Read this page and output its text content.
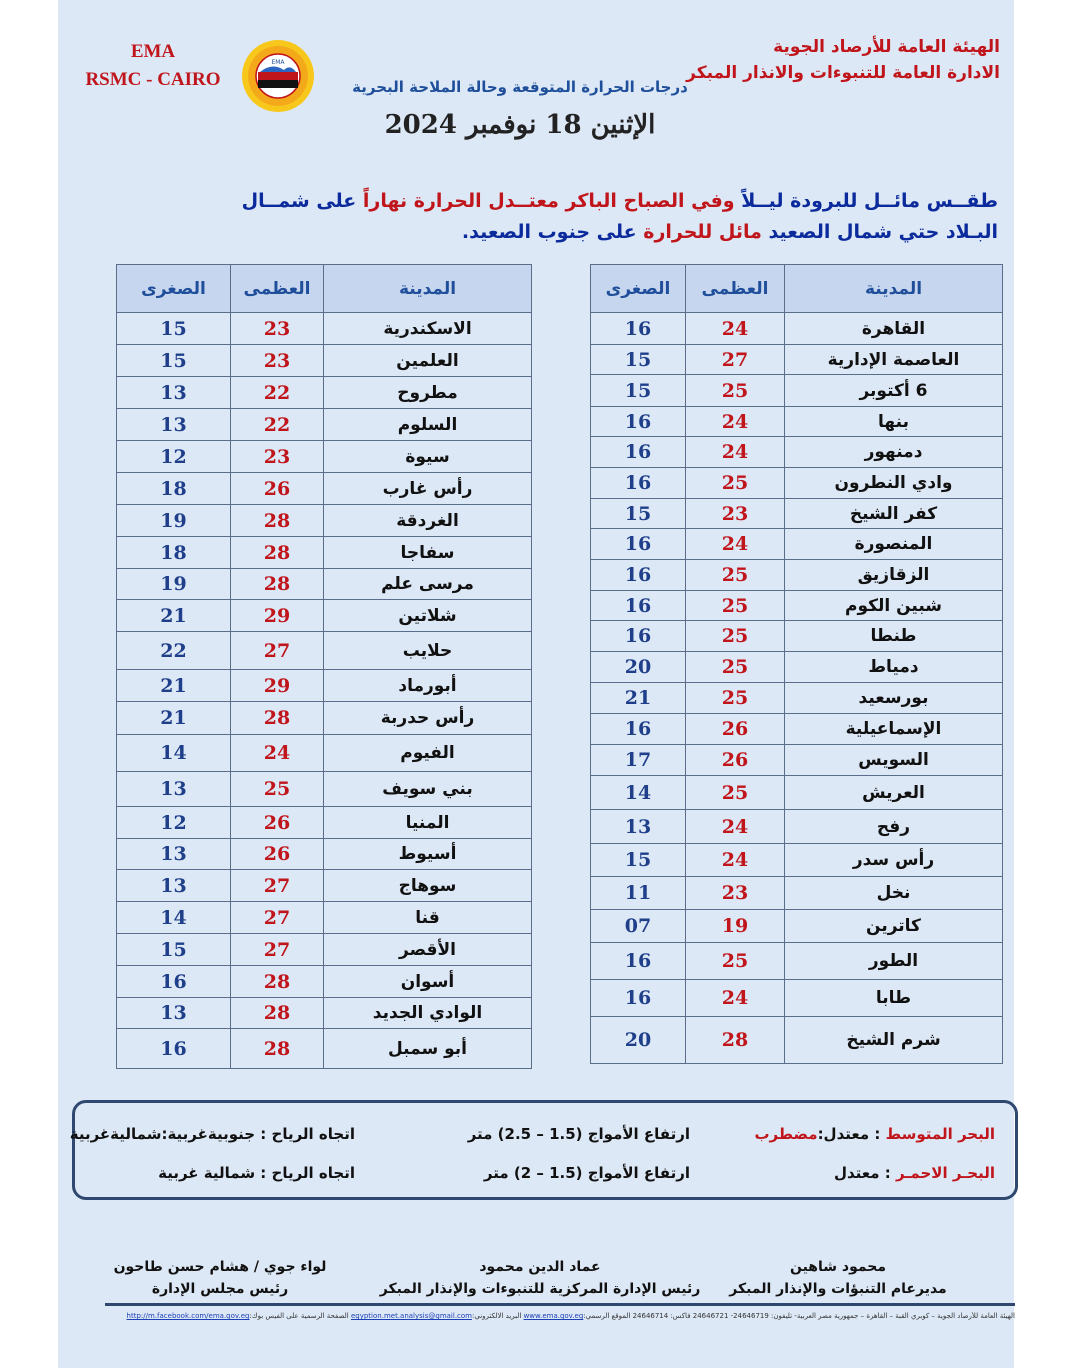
EMA
RSMC - CAIRO
EMA
الهيئة العامة للأرصاد الجوية
الادارة العامة للتنبوءات والانذار المبكر
درجات الحرارة المتوقعة وحالة الملاحة البحرية
الإثنين 18 نوفمبر 2024
طقــس مائــل للبرودة ليــلاً وفي الصباح الباكر معتــدل الحرارة نهاراً على شمــال البـلاد حتي شمال الصعيد مائل للحرارة على جنوب الصعيد.
الصغرى	العظمى	المدينة
16	24	القاهرة
15	27	العاصمة الإدارية
15	25	6 أكتوبر
16	24	بنها
16	24	دمنهور
16	25	وادي النطرون
15	23	كفر الشيخ
16	24	المنصورة
16	25	الزقازيق
16	25	شبين الكوم
16	25	طنطا
20	25	دمياط
21	25	بورسعيد
16	26	الإسماعيلية
17	26	السويس
14	25	العريش
13	24	رفح
15	24	رأس سدر
11	23	نخل
07	19	كاترين
16	25	الطور
16	24	طابا
20	28	شرم الشيخ
الصغرى	العظمى	المدينة
15	23	الاسكندرية
15	23	العلمين
13	22	مطروح
13	22	السلوم
12	23	سيوة
18	26	رأس غارب
19	28	الغردقة
18	28	سفاجا
19	28	مرسى علم
21	29	شلاتين
22	27	حلايب
21	29	أبورماد
21	28	رأس حدربة
14	24	الفيوم
13	25	بني سويف
12	26	المنيا
13	26	أسيوط
13	27	سوهاج
14	27	قنا
15	27	الأقصر
16	28	أسوان
13	28	الوادي الجديد
16	28	أبو سمبل
البحر المتوسط : معتدل:مضطرب
ارتفاع الأمواج (1.5 – 2.5) متر
اتجاه الرياح : جنوبيةغربية:شماليةغربية
البحـر الاحمـر : معتدل
ارتفاع الأمواج (1.5 – 2) متر
اتجاه الرياح : شمالية غربية
محمود شاهين
مديرعام التنبؤات والإنذار المبكر
عماد الدين محمود
رئيس الإدارة المركزية للتنبوءات والإنذار المبكر
لواء جوي / هشام حسن طاحون
رئيس مجلس الإدارة
الهيئة العامة للأرصاد الجوية – كوبري القبة – القاهرة – جمهورية مصر العربية- تليفون: 24646719- 24646721 فاكس: 24646714 الموقع الرسمي:www.ema.gov.eg البريد الالكتروني:egyption.met.analysis@gmail.com الصفحة الرسمية على الفيس بوك:http://m.facebook.com/ema.gov.eg
